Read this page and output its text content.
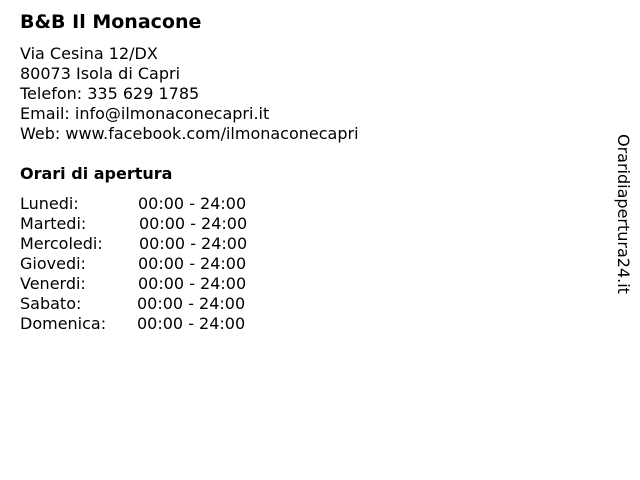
B&B Il Monacone
Via Cesina 12/DX
80073 Isola di Capri
Telefon: 335 629 1785
Email: info@ilmonaconecapri.it
Web: www.facebook.com/ilmonaconecapri
Orari di apertura
Lunedi:	00:00 - 24:00
Martedi:	00:00 - 24:00
Mercoledi: 00:00 - 24:00
Giovedi:	00:00 - 24:00
Venerdi:	00:00 - 24:00
Sabato:	00:00 - 24:00
Domenica: 00:00 - 24:00
Oraridiapertura24.it
